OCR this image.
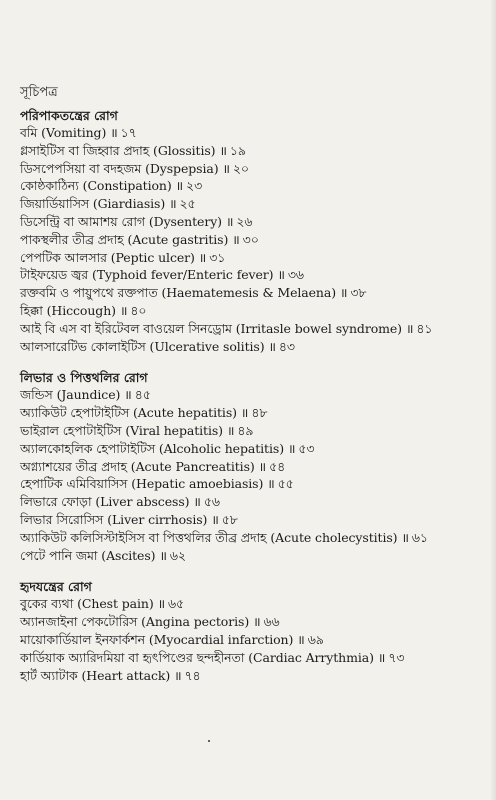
সূচিপত্র
পরিপাকতন্ত্রের রোগ
বমি (Vomiting) ॥ ১৭
গ্লসাইটিস বা জিহ্বার প্রদাহ (Glossitis) ॥ ১৯
ডিসপেপসিয়া বা বদহজম (Dyspepsia) ॥ ২০
কোষ্ঠকাঠিন্য (Constipation) ॥ ২৩
জিয়ার্ডিয়াসিস (Giardiasis) ॥ ২৫
ডিসেন্ট্রি বা আমাশয় রোগ (Dysentery) ॥ ২৬
পাকস্থলীর তীব্র প্রদাহ (Acute gastritis) ॥ ৩০
পেপটিক আলসার (Peptic ulcer) ॥ ৩১
টাইফয়েড জ্বর (Typhoid fever/Enteric fever) ॥ ৩৬
রক্তবমি ও পায়ুপথে রক্তপাত (Haematemesis & Melaena) ॥ ৩৮
হিক্কা (Hiccough) ॥ ৪০
আই বি এস বা ইরিটেবল বাওয়েল সিনড্রোম (Irritasle bowel syndrome) ॥ ৪১
আলসারেটিভ কোলাইটিস (Ulcerative solitis) ॥ ৪৩
লিভার ও পিত্তথলির রোগ
জন্ডিস (Jaundice) ॥ ৪৫
অ্যাকিউট হেপাটাইটিস (Acute hepatitis) ॥ ৪৮
ভাইরাল হেপাটাইটিস (Viral hepatitis) ॥ ৪৯
অ্যালকোহলিক হেপাটাইটিস (Alcoholic hepatitis) ॥ ৫৩
অগ্ন্যাশয়ের তীব্র প্রদাহ (Acute Pancreatitis) ॥ ৫৪
হেপাটিক এমিবিয়াসিস (Hepatic amoebiasis) ॥ ৫৫
লিভারে ফোড়া (Liver abscess) ॥ ৫৬
লিভার সিরোসিস (Liver cirrhosis) ॥ ৫৮
অ্যাকিউট কলিসিস্টাইসিস বা পিত্তথলির তীব্র প্রদাহ (Acute cholecystitis) ॥ ৬১
পেটে পানি জমা (Ascites) ॥ ৬২
হৃদযন্ত্রের রোগ
বুকের ব্যথা (Chest pain) ॥ ৬৫
অ্যানজাইনা পেকটোরিস (Angina pectoris) ॥ ৬৬
মায়োকার্ডিয়াল ইনফার্কশন (Myocardial infarction) ॥ ৬৯
কার্ডিয়াক অ্যারিদমিয়া বা হৃৎপিণ্ডের ছন্দহীনতা (Cardiac Arrythmia) ॥ ৭৩
হার্ট অ্যাটাক (Heart attack) ॥ ৭৪
